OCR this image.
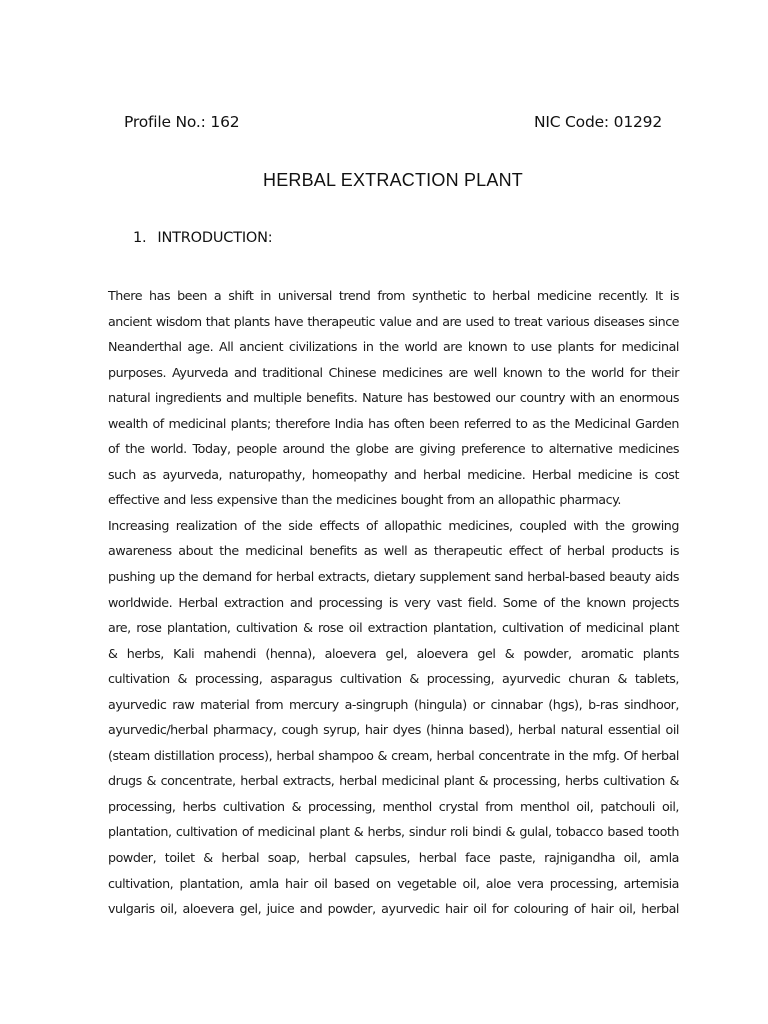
Profile No.: 162	NIC Code: 01292
HERBAL EXTRACTION PLANT
1. INTRODUCTION:
There has been a shift in universal trend from synthetic to herbal medicine recently. It is
ancient wisdom that plants have therapeutic value and are used to treat various diseases since
Neanderthal age. All ancient civilizations in the world are known to use plants for medicinal
purposes. Ayurveda and traditional Chinese medicines are well known to the world for their
natural ingredients and multiple benefits. Nature has bestowed our country with an enormous
wealth of medicinal plants; therefore India has often been referred to as the Medicinal Garden
of the world. Today, people around the globe are giving preference to alternative medicines
such as ayurveda, naturopathy, homeopathy and herbal medicine. Herbal medicine is cost
effective and less expensive than the medicines bought from an allopathic pharmacy.
Increasing realization of the side effects of allopathic medicines, coupled with the growing
awareness about the medicinal benefits as well as therapeutic effect of herbal products is
pushing up the demand for herbal extracts, dietary supplement sand herbal-based beauty aids
worldwide. Herbal extraction and processing is very vast field. Some of the known projects
are, rose plantation, cultivation & rose oil extraction plantation, cultivation of medicinal plant
& herbs, Kali mahendi (henna), aloevera gel, aloevera gel & powder, aromatic plants
cultivation & processing, asparagus cultivation & processing, ayurvedic churan & tablets,
ayurvedic raw material from mercury a-singruph (hingula) or cinnabar (hgs), b-ras sindhoor,
ayurvedic/herbal pharmacy, cough syrup, hair dyes (hinna based), herbal natural essential oil
(steam distillation process), herbal shampoo & cream, herbal concentrate in the mfg. Of herbal
drugs & concentrate, herbal extracts, herbal medicinal plant & processing, herbs cultivation &
processing, herbs cultivation & processing, menthol crystal from menthol oil, patchouli oil,
plantation, cultivation of medicinal plant & herbs, sindur roli bindi & gulal, tobacco based tooth
powder, toilet & herbal soap, herbal capsules, herbal face paste, rajnigandha oil, amla
cultivation, plantation, amla hair oil based on vegetable oil, aloe vera processing, artemisia
vulgaris oil, aloevera gel, juice and powder, ayurvedic hair oil for colouring of hair oil, herbal
